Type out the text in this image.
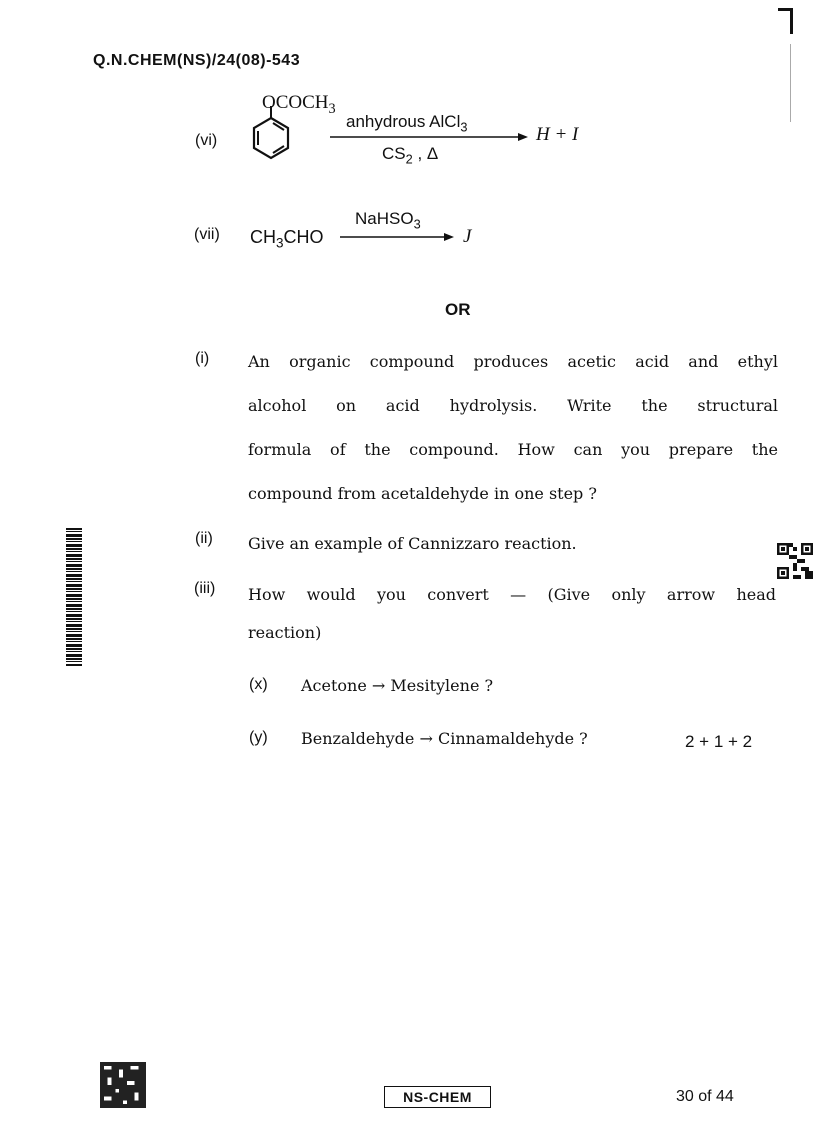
Q.N.CHEM(NS)/24(08)-543
(vi)
$OCOCH_3$
anhydrous AlCl$_3$
$CS_2$ , Δ
H + I
(vii) $CH_3CHO$
NaHSO$_3$
J
OR
(i) An organic compound produces acetic acid and ethyl
alcohol on acid hydrolysis. Write the structural
formula of the compound. How can you prepare the
compound from acetaldehyde in one step ?
(ii) Give an example of Cannizzaro reaction.
(iii) How would you convert — (Give only arrow head
reaction)
(x) Acetone → Mesitylene ?
(y) Benzaldehyde → Cinnamaldehyde ?	2 + 1 + 2
NS-CHEM	30 of 44
